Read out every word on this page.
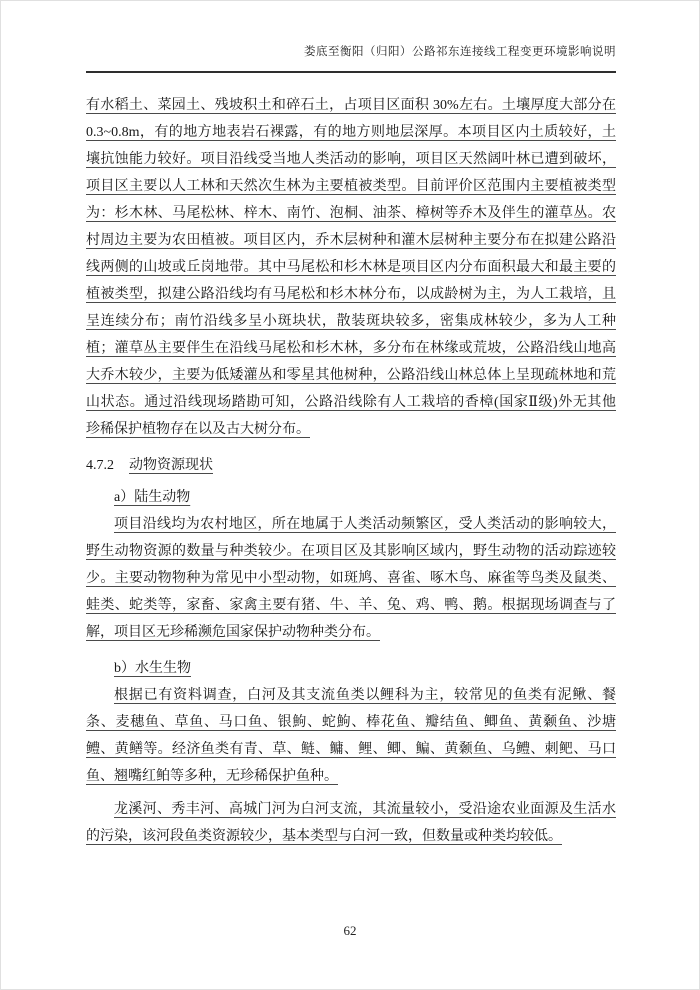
娄底至衡阳（归阳）公路祁东连接线工程变更环境影响说明
有水稻土、菜园土、残坡积土和碎石土，占项目区面积 30%左右。土壤厚度大部分在
0.3~0.8m，有的地方地表岩石裸露，有的地方则地层深厚。本项目区内土质较好，土
壤抗蚀能力较好。项目沿线受当地人类活动的影响，项目区天然阔叶林已遭到破坏，
项目区主要以人工林和天然次生林为主要植被类型。目前评价区范围内主要植被类型
为：杉木林、马尾松林、梓木、南竹、泡桐、油茶、樟树等乔木及伴生的灌草丛。农
村周边主要为农田植被。项目区内，乔木层树种和灌木层树种主要分布在拟建公路沿
线两侧的山坡或丘岗地带。其中马尾松和杉木林是项目区内分布面积最大和最主要的
植被类型，拟建公路沿线均有马尾松和杉木林分布，以成龄树为主，为人工栽培，且
呈连续分布；南竹沿线多呈小斑块状，散装斑块较多，密集成林较少，多为人工种
植；灌草丛主要伴生在沿线马尾松和杉木林，多分布在林缘或荒坡，公路沿线山地高
大乔木较少，主要为低矮灌丛和零星其他树种，公路沿线山林总体上呈现疏林地和荒
山状态。通过沿线现场踏勘可知，公路沿线除有人工栽培的香樟(国家Ⅱ级)外无其他
珍稀保护植物存在以及古大树分布。
4.7.2 动物资源现状
a）陆生动物
项目沿线均为农村地区，所在地属于人类活动频繁区，受人类活动的影响较大，
野生动物资源的数量与种类较少。在项目区及其影响区域内，野生动物的活动踪迹较
少。主要动物物种为常见中小型动物，如斑鸠、喜雀、啄木鸟、麻雀等鸟类及鼠类、
蛙类、蛇类等，家畜、家禽主要有猪、牛、羊、兔、鸡、鸭、鹅。根据现场调查与了
解，项目区无珍稀濒危国家保护动物种类分布。
b）水生生物
根据已有资料调查，白河及其支流鱼类以鲤科为主，较常见的鱼类有泥鳅、餐
条、麦穗鱼、草鱼、马口鱼、银鮈、蛇鮈、棒花鱼、瓣结鱼、鲫鱼、黄颡鱼、沙塘
鳢、黄鳝等。经济鱼类有青、草、鲢、鳙、鲤、鲫、鳊、黄颡鱼、乌鳢、刺鲃、马口
鱼、翘嘴红鲌等多种，无珍稀保护鱼种。
龙溪河、秀丰河、高城门河为白河支流，其流量较小，受沿途农业面源及生活水
的污染，该河段鱼类资源较少，基本类型与白河一致，但数量或种类均较低。
62
